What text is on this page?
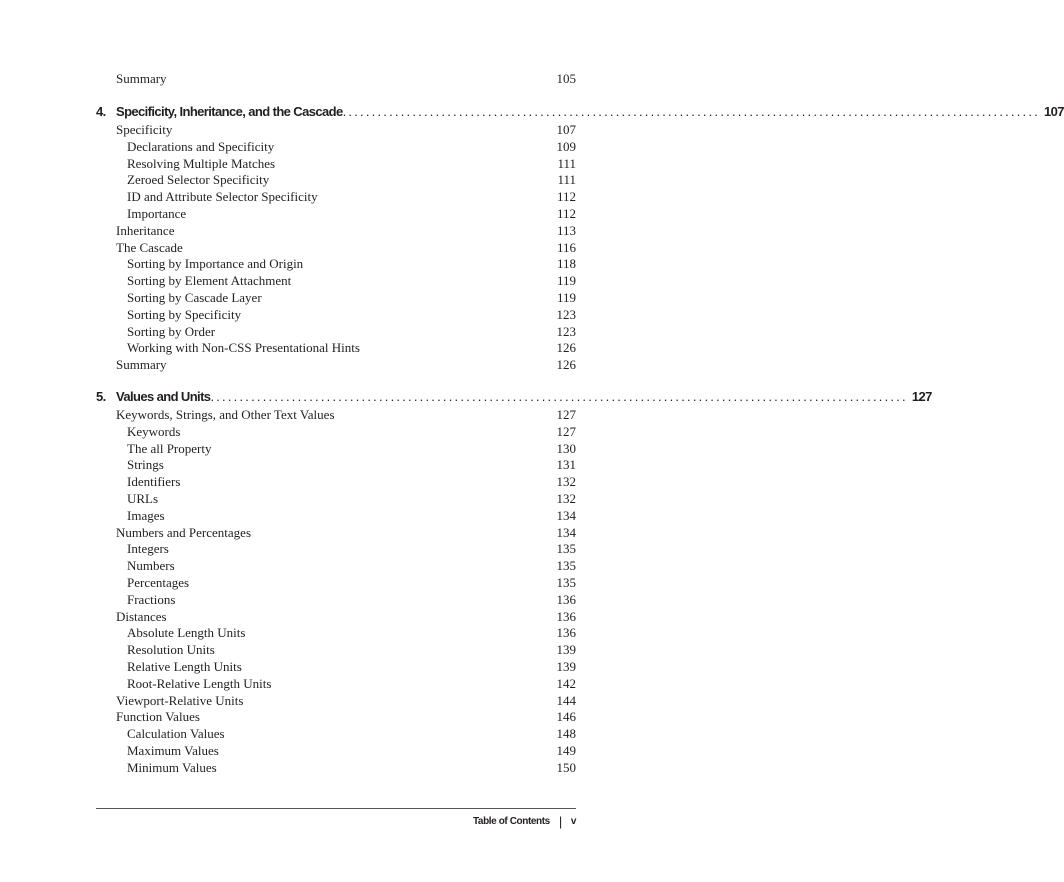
Summary	105
4. Specificity, Inheritance, and the Cascade ........................................................................................................................ 107
Specificity	107
Declarations and Specificity	109
Resolving Multiple Matches	111
Zeroed Selector Specificity	111
ID and Attribute Selector Specificity	112
Importance	112
Inheritance	113
The Cascade	116
Sorting by Importance and Origin	118
Sorting by Element Attachment	119
Sorting by Cascade Layer	119
Sorting by Specificity	123
Sorting by Order	123
Working with Non-CSS Presentational Hints	126
Summary	126
5. Values and Units ........................................................................................................................ 127
Keywords, Strings, and Other Text Values	127
Keywords	127
The all Property	130
Strings	131
Identifiers	132
URLs	132
Images	134
Numbers and Percentages	134
Integers	135
Numbers	135
Percentages	135
Fractions	136
Distances	136
Absolute Length Units	136
Resolution Units	139
Relative Length Units	139
Root-Relative Length Units	142
Viewport-Relative Units	144
Function Values	146
Calculation Values	148
Maximum Values	149
Minimum Values	150
Table of Contents | v
